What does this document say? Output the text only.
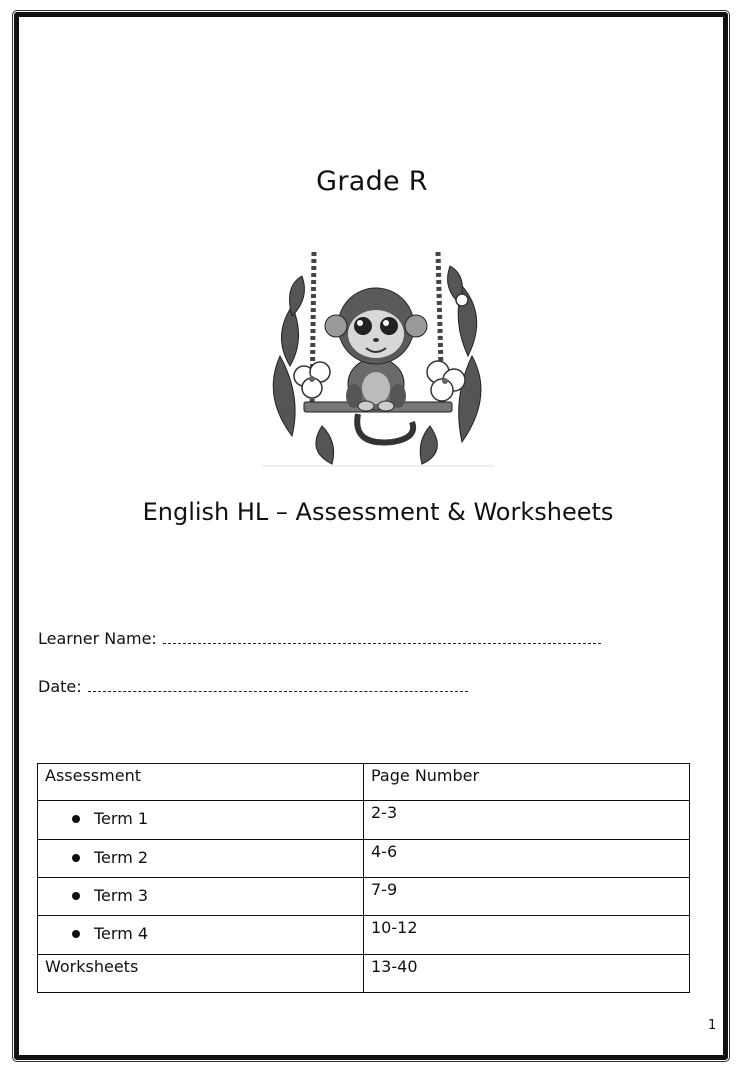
Grade R
English HL – Assessment & Worksheets
Learner Name:
Date:
Assessment	Page Number
Term 1	2-3
Term 2	4-6
Term 3	7-9
Term 4	10-12
Worksheets	13-40
1
